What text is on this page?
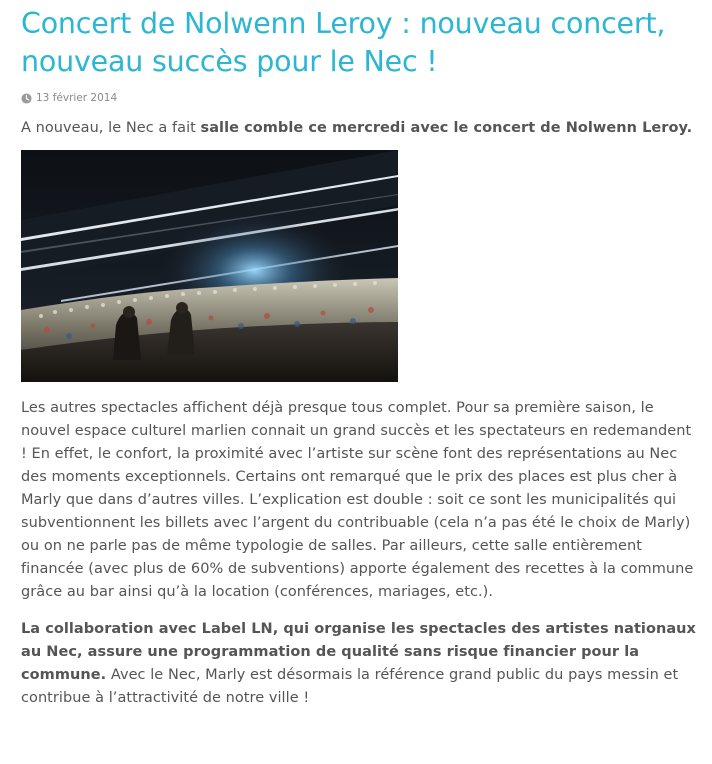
Concert de Nolwenn Leroy : nouveau concert, nouveau succès pour le Nec !
13 février 2014

A nouveau, le Nec a fait salle comble ce mercredi avec le concert de Nolwenn Leroy.

Les autres spectacles affichent déjà presque tous complet. Pour sa première saison, le nouvel espace culturel marlien connait un grand succès et les spectateurs en redemandent ! En effet, le confort, la proximité avec l’artiste sur scène font des représentations au Nec des moments exceptionnels. Certains ont remarqué que le prix des places est plus cher à Marly que dans d’autres villes. L’explication est double : soit ce sont les municipalités qui subventionnent les billets avec l’argent du contribuable (cela n’a pas été le choix de Marly) ou on ne parle pas de même typologie de salles. Par ailleurs, cette salle entièrement financée (avec plus de 60% de subventions) apporte également des recettes à la commune grâce au bar ainsi qu’à la location (conférences, mariages, etc.).

La collaboration avec Label LN, qui organise les spectacles des artistes nationaux au Nec, assure une programmation de qualité sans risque financier pour la commune. Avec le Nec, Marly est désormais la référence grand public du pays messin et contribue à l’attractivité de notre ville !
